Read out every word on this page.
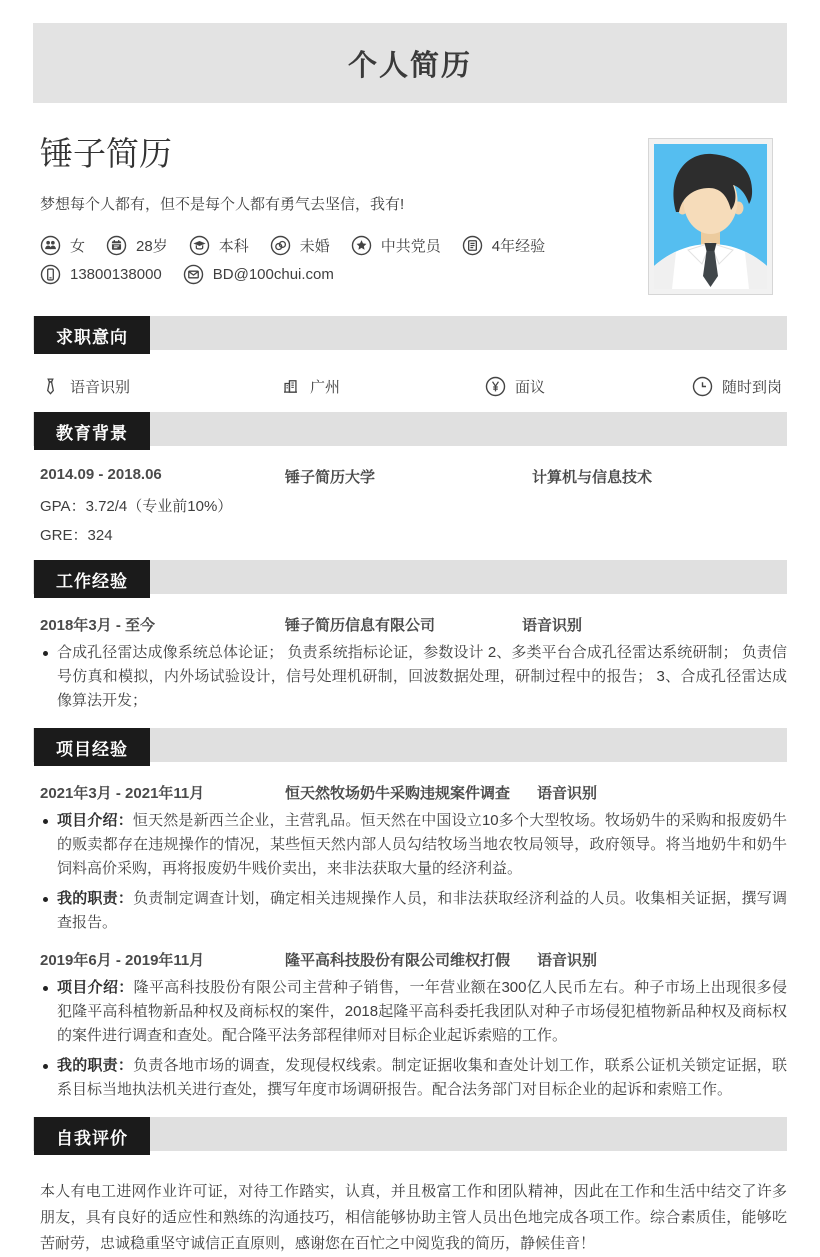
个人简历
锤子简历
梦想每个人都有，但不是每个人都有勇气去坚信，我有!
女	28岁	本科	未婚	中共党员	4年经验
13800138000	BD@100chui.com
求职意向
语音识别	广州	面议	随时到岗
教育背景
2014.09 - 2018.06	锤子简历大学	计算机与信息技术
GPA：3.72/4（专业前10%）
GRE：324
工作经验
2018年3月 - 至今	锤子简历信息有限公司	语音识别
合成孔径雷达成像系统总体论证； 负责系统指标论证，参数设计 2、多类平台合成孔径雷达系统研制； 负责信号仿真和模拟，内外场试验设计，信号处理机研制，回波数据处理，研制过程中的报告； 3、合成孔径雷达成像算法开发；
项目经验
2021年3月 - 2021年11月	恒天然牧场奶牛采购违规案件调查	语音识别
项目介绍：恒天然是新西兰企业，主营乳品。恒天然在中国设立10多个大型牧场。牧场奶牛的采购和报废奶牛的贩卖都存在违规操作的情况，某些恒天然内部人员勾结牧场当地农牧局领导，政府领导。将当地奶牛和奶牛饲料高价采购，再将报废奶牛贱价卖出，来非法获取大量的经济利益。
我的职责：负责制定调查计划，确定相关违规操作人员，和非法获取经济利益的人员。收集相关证据，撰写调查报告。
2019年6月 - 2019年11月	隆平高科技股份有限公司维权打假	语音识别
项目介绍：隆平高科技股份有限公司主营种子销售，一年营业额在300亿人民币左右。种子市场上出现很多侵犯隆平高科植物新品种权及商标权的案件，2018起隆平高科委托我团队对种子市场侵犯植物新品种权及商标权的案件进行调查和查处。配合隆平法务部程律师对目标企业起诉索赔的工作。
我的职责：负责各地市场的调查，发现侵权线索。制定证据收集和查处计划工作，联系公证机关锁定证据，联系目标当地执法机关进行查处，撰写年度市场调研报告。配合法务部门对目标企业的起诉和索赔工作。
自我评价
本人有电工进网作业许可证，对待工作踏实，认真，并且极富工作和团队精神，因此在工作和生活中结交了许多朋友，具有良好的适应性和熟练的沟通技巧，相信能够协助主管人员出色地完成各项工作。综合素质佳，能够吃苦耐劳，忠诚稳重坚守诚信正直原则，感谢您在百忙之中阅览我的简历，静候佳音！
